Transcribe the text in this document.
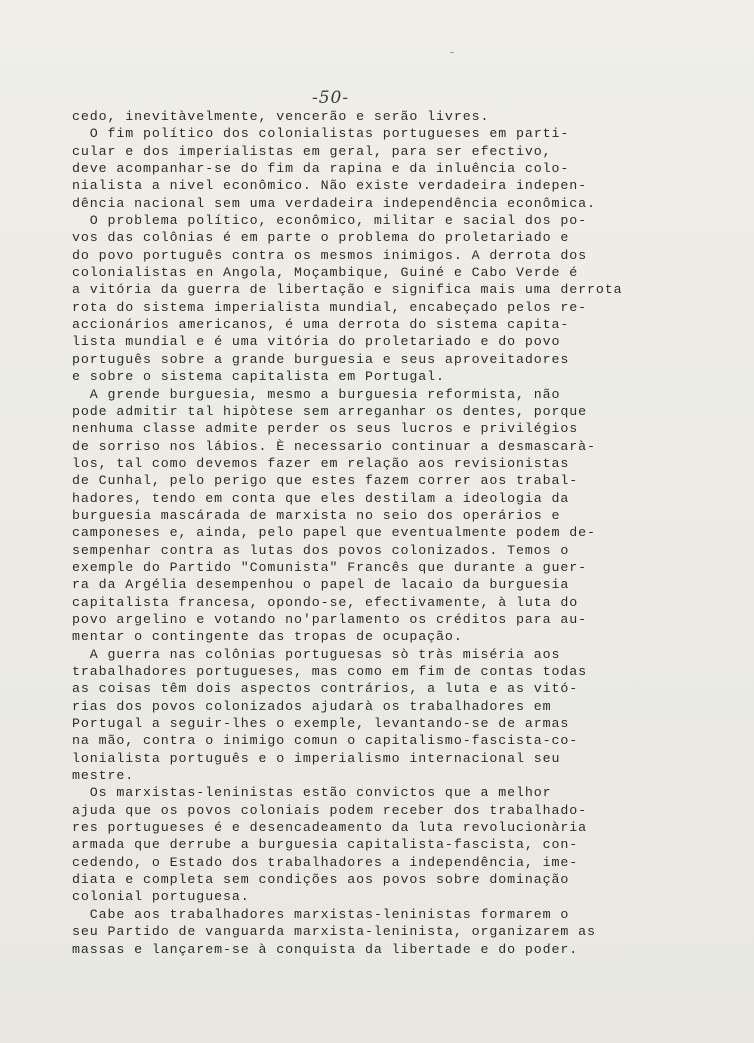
-50-
cedo, inevitàvelmente, vencerão e serão livres.
O fim político dos colonialistas portugueses em parti-
cular e dos imperialistas em geral, para ser efectivo,
deve acompanhar-se do fim da rapina e da inluência colo-
nialista a nivel econômico. Não existe verdadeira indepen-
dência nacional sem uma verdadeira independência econômica.
O problema político, econômico, militar e sacial dos po-
vos das colônias é em parte o problema do proletariado e
do povo português contra os mesmos inimigos. A derrota dos
colonialistas en Angola, Moçambique, Guiné e Cabo Verde é
a vitória da guerra de libertação e significa mais uma derrota
rota do sistema imperialista mundial, encabeçado pelos re-
accionários americanos, é uma derrota do sistema capita-
lista mundial e é uma vitória do proletariado e do povo
português sobre a grande burguesia e seus aproveitadores
e sobre o sistema capitalista em Portugal.
A grende burguesia, mesmo a burguesia reformista, não
pode admitir tal hipòtese sem arreganhar os dentes, porque
nenhuma classe admite perder os seus lucros e privilégios
de sorriso nos lábios. È necessario continuar a desmascarà-
los, tal como devemos fazer em relação aos revisionistas
de Cunhal, pelo perigo que estes fazem correr aos trabal-
hadores, tendo em conta que eles destilam a ideologia da
burguesia mascárada de marxista no seio dos operários e
camponeses e, ainda, pelo papel que eventualmente podem de-
sempenhar contra as lutas dos povos colonizados. Temos o
exemple do Partido "Comunista" Francês que durante a guer-
ra da Argélia desempenhou o papel de lacaio da burguesia
capitalista francesa, opondo-se, efectivamente, à luta do
povo argelino e votando no'parlamento os créditos para au-
mentar o contingente das tropas de ocupação.
A guerra nas colônias portuguesas sò tràs miséria aos
trabalhadores portugueses, mas como em fim de contas todas
as coisas têm dois aspectos contrários, a luta e as vitó-
rias dos povos colonizados ajudarà os trabalhadores em
Portugal a seguir-lhes o exemple, levantando-se de armas
na mão, contra o inimigo comun o capitalismo-fascista-co-
lonialista português e o imperialismo internacional seu
mestre.
Os marxistas-leninistas estão convictos que a melhor
ajuda que os povos coloniais podem receber dos trabalhado-
res portugueses é e desencadeamento da luta revolucionària
armada que derrube a burguesia capitalista-fascista, con-
cedendo, o Estado dos trabalhadores a independência, ime-
diata e completa sem condições aos povos sobre dominação
colonial portuguesa.
Cabe aos trabalhadores marxistas-leninistas formarem o
seu Partido de vanguarda marxista-leninista, organizarem as
massas e lançarem-se à conquista da libertade e do poder.
